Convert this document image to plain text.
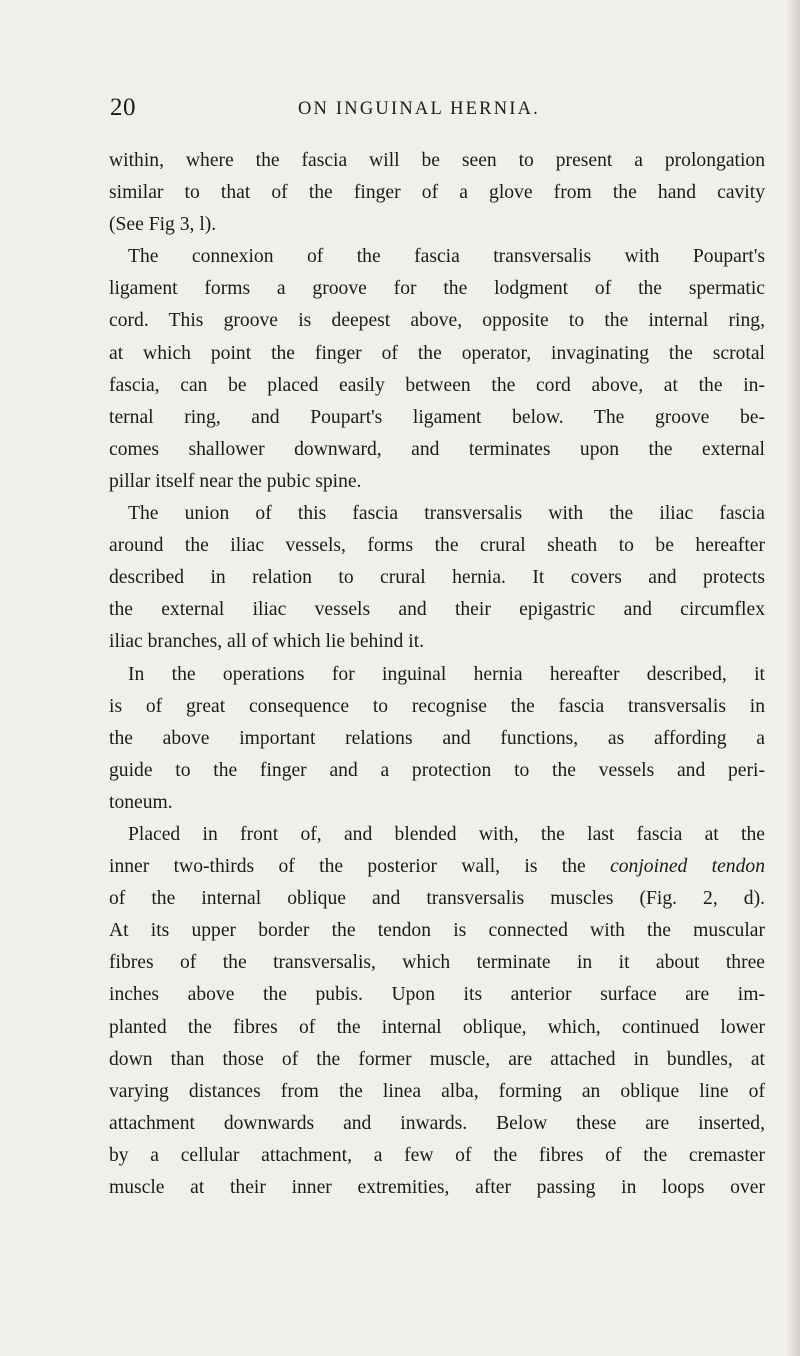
20	ON INGUINAL HERNIA.
within, where the fascia will be seen to present a prolongation
similar to that of the finger of a glove from the hand cavity
(See Fig 3, l).
The connexion of the fascia transversalis with Poupart's
ligament forms a groove for the lodgment of the spermatic
cord. This groove is deepest above, opposite to the internal ring,
at which point the finger of the operator, invaginating the scrotal
fascia, can be placed easily between the cord above, at the in-
ternal ring, and Poupart's ligament below. The groove be-
comes shallower downward, and terminates upon the external
pillar itself near the pubic spine.
The union of this fascia transversalis with the iliac fascia
around the iliac vessels, forms the crural sheath to be hereafter
described in relation to crural hernia. It covers and protects
the external iliac vessels and their epigastric and circumflex
iliac branches, all of which lie behind it.
In the operations for inguinal hernia hereafter described, it
is of great consequence to recognise the fascia transversalis in
the above important relations and functions, as affording a
guide to the finger and a protection to the vessels and peri-
toneum.
Placed in front of, and blended with, the last fascia at the
inner two-thirds of the posterior wall, is the conjoined tendon
of the internal oblique and transversalis muscles (Fig. 2, d).
At its upper border the tendon is connected with the muscular
fibres of the transversalis, which terminate in it about three
inches above the pubis. Upon its anterior surface are im-
planted the fibres of the internal oblique, which, continued lower
down than those of the former muscle, are attached in bundles, at
varying distances from the linea alba, forming an oblique line of
attachment downwards and inwards. Below these are inserted,
by a cellular attachment, a few of the fibres of the cremaster
muscle at their inner extremities, after passing in loops over
